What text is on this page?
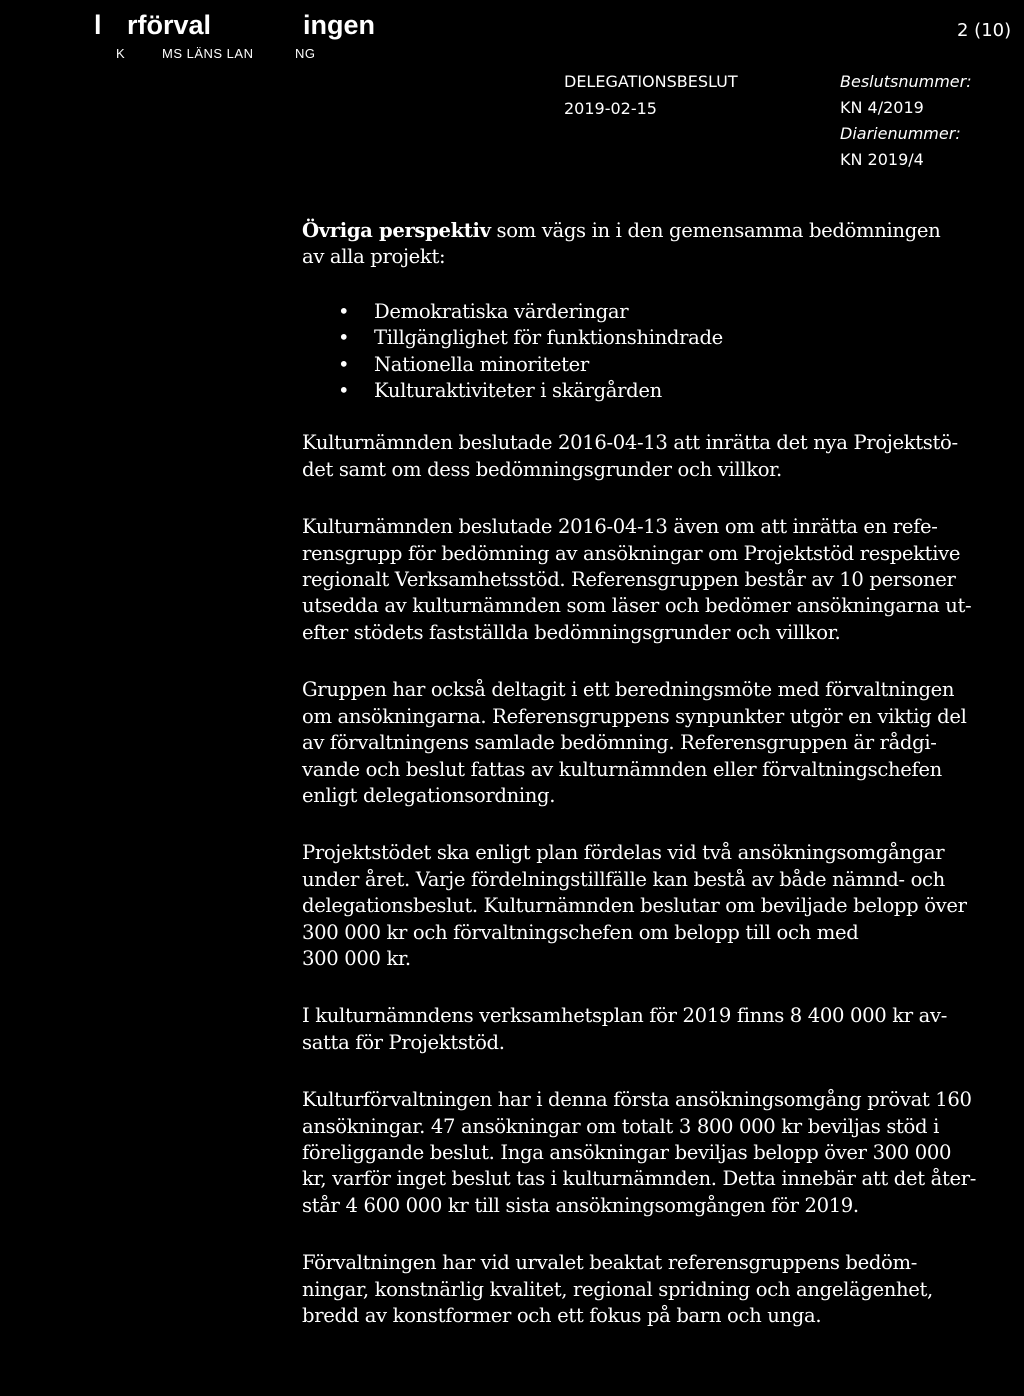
l rförval	ingen
K	MS LÄNS LAN	NG
2 (10)
DELEGATIONSBESLUT
2019-02-15
Beslutsnummer:
KN 4/2019
Diarienummer:
KN 2019/4

Övriga perspektiv som vägs in i den gemensamma bedömningen
av alla projekt:

• Demokratiska värderingar
• Tillgänglighet för funktionshindrade
• Nationella minoriteter
• Kulturaktiviteter i skärgården

Kulturnämnden beslutade 2016-04-13 att inrätta det nya Projektstö-
det samt om dess bedömningsgrunder och villkor.

Kulturnämnden beslutade 2016-04-13 även om att inrätta en refe-
rensgrupp för bedömning av ansökningar om Projektstöd respektive
regionalt Verksamhetsstöd. Referensgruppen består av 10 personer
utsedda av kulturnämnden som läser och bedömer ansökningarna ut-
efter stödets fastställda bedömningsgrunder och villkor.

Gruppen har också deltagit i ett beredningsmöte med förvaltningen
om ansökningarna. Referensgruppens synpunkter utgör en viktig del
av förvaltningens samlade bedömning. Referensgruppen är rådgi-
vande och beslut fattas av kulturnämnden eller förvaltningschefen
enligt delegationsordning.

Projektstödet ska enligt plan fördelas vid två ansökningsomgångar
under året. Varje fördelningstillfälle kan bestå av både nämnd- och
delegationsbeslut. Kulturnämnden beslutar om beviljade belopp över
300 000 kr och förvaltningschefen om belopp till och med
300 000 kr.

I kulturnämndens verksamhetsplan för 2019 finns 8 400 000 kr av-
satta för Projektstöd.

Kulturförvaltningen har i denna första ansökningsomgång prövat 160
ansökningar. 47 ansökningar om totalt 3 800 000 kr beviljas stöd i
föreliggande beslut. Inga ansökningar beviljas belopp över 300 000
kr, varför inget beslut tas i kulturnämnden. Detta innebär att det åter-
står 4 600 000 kr till sista ansökningsomgången för 2019.

Förvaltningen har vid urvalet beaktat referensgruppens bedöm-
ningar, konstnärlig kvalitet, regional spridning och angelägenhet,
bredd av konstformer och ett fokus på barn och unga.
